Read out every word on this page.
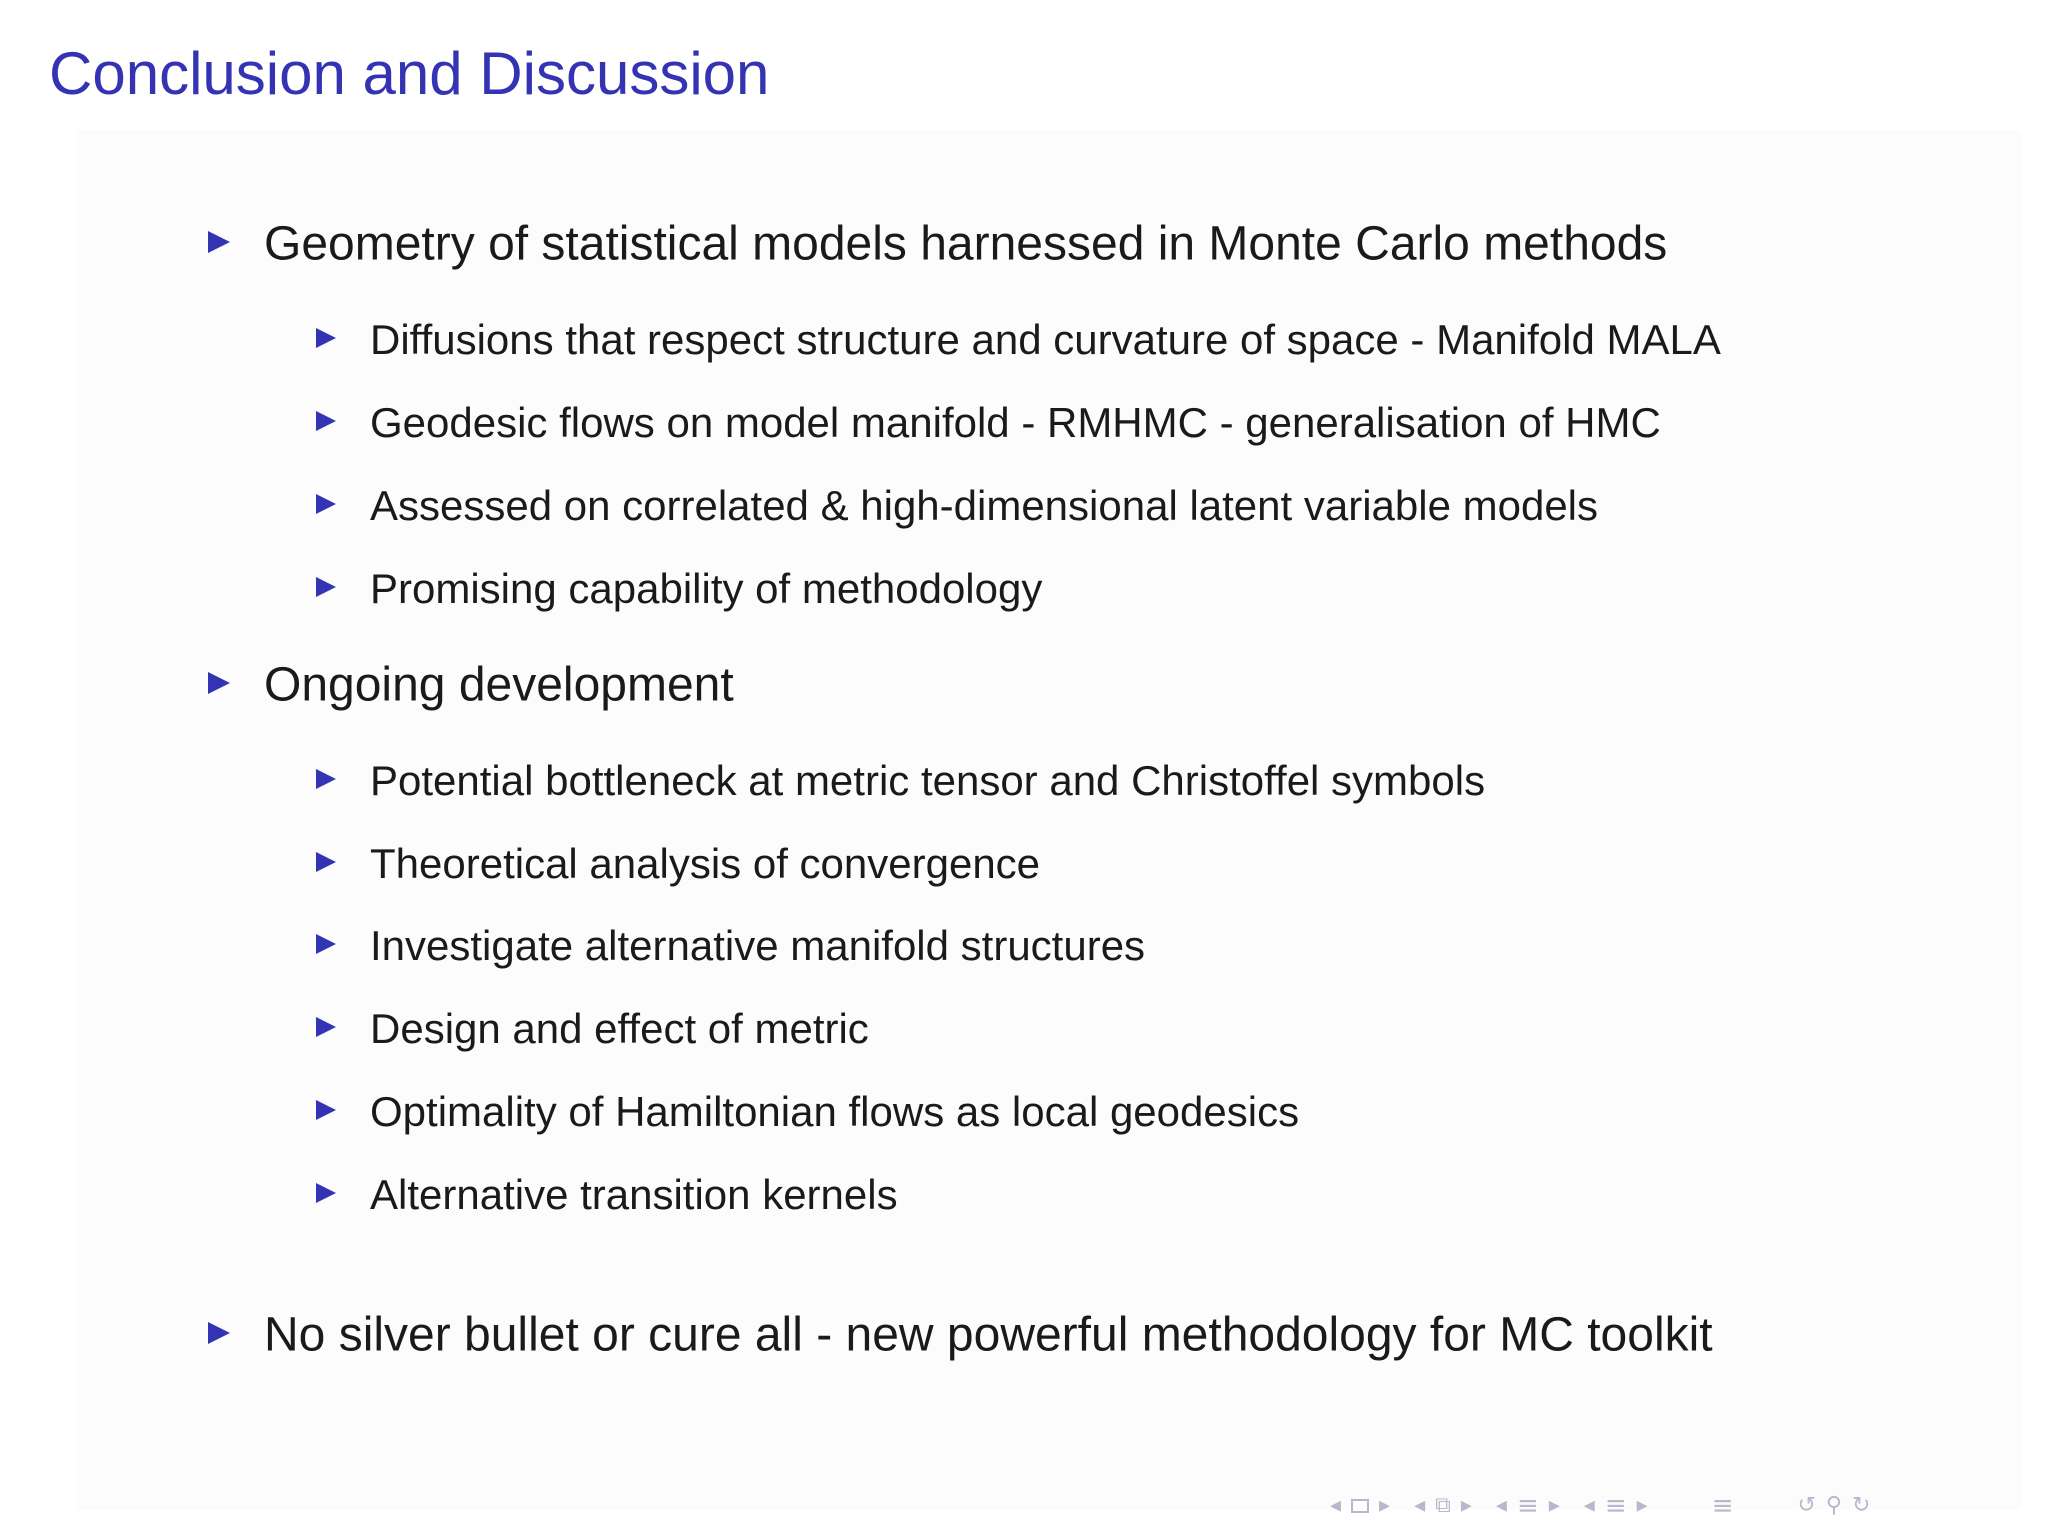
Conclusion and Discussion
Geometry of statistical models harnessed in Monte Carlo methods
Diffusions that respect structure and curvature of space - Manifold MALA
Geodesic flows on model manifold - RMHMC - generalisation of HMC
Assessed on correlated & high-dimensional latent variable models
Promising capability of methodology
Ongoing development
Potential bottleneck at metric tensor and Christoffel symbols
Theoretical analysis of convergence
Investigate alternative manifold structures
Design and effect of metric
Optimality of Hamiltonian flows as local geodesics
Alternative transition kernels
No silver bullet or cure all - new powerful methodology for MC toolkit
◂ ▸ ◂ ⧉ ▸ ◂ ≡ ▸ ◂ ≡ ▸ ≡	↺ ⚲ ↻
